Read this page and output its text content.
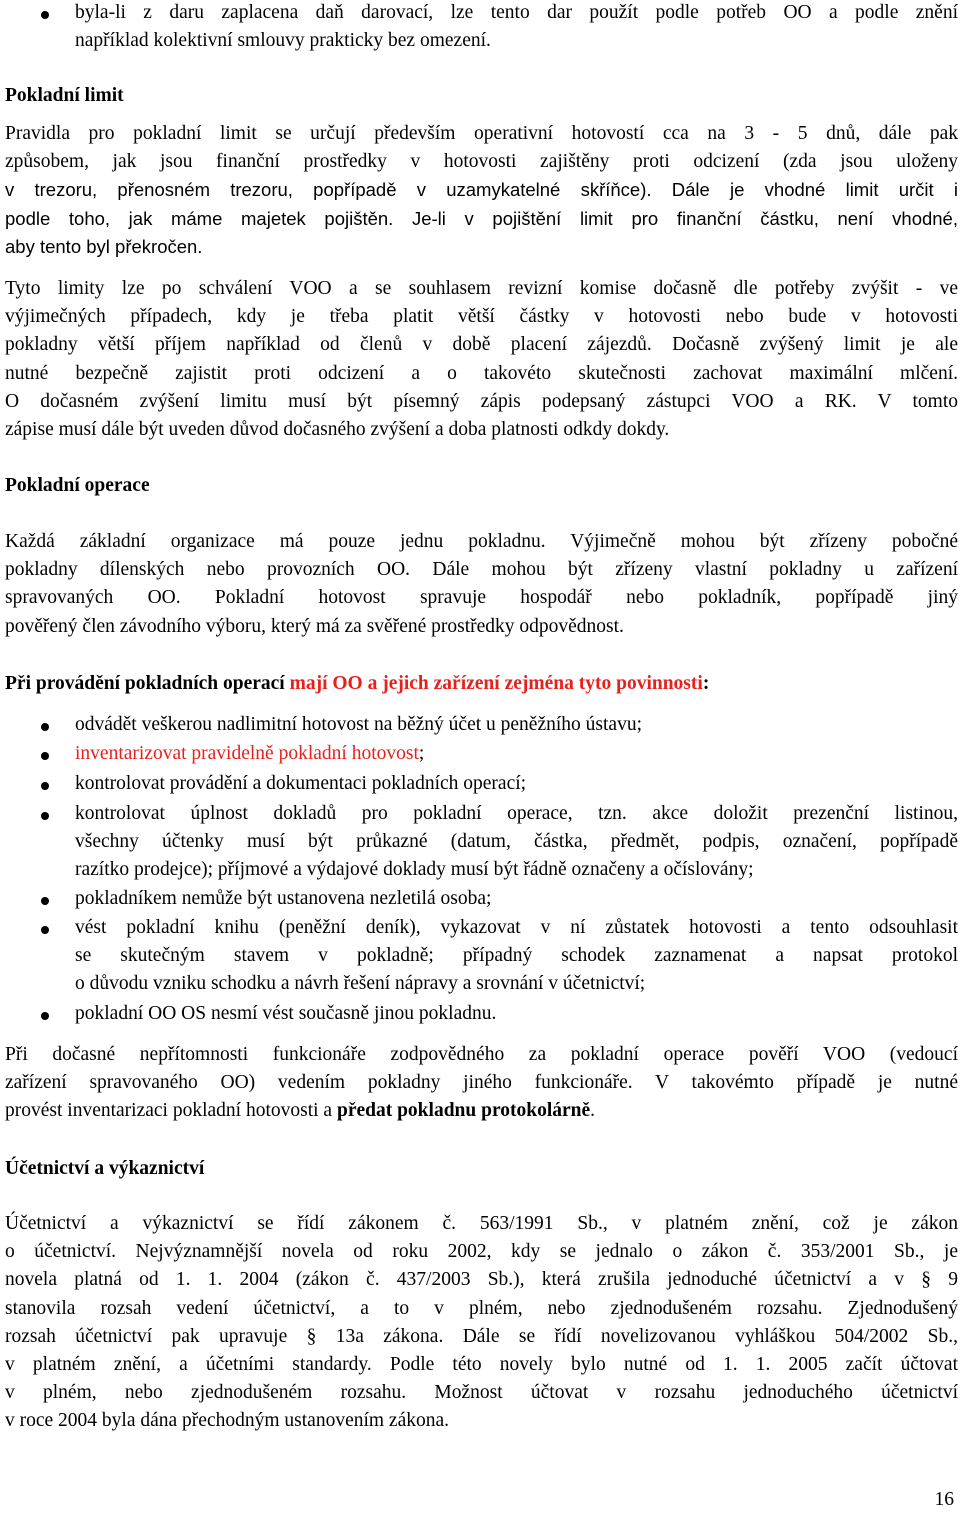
byla-li z daru zaplacena daň darovací, lze tento dar použít podle potřeb OO a podle znění
například kolektivní smlouvy prakticky bez omezení.
Pokladní limit
Pravidla pro pokladní limit se určují především operativní hotovostí cca na 3 - 5 dnů, dále pak
způsobem, jak jsou finanční prostředky v hotovosti zajištěny proti odcizení (zda jsou uloženy
v trezoru, přenosném trezoru, popřípadě v uzamykatelné skříňce). Dále je vhodné limit určit i
podle toho, jak máme majetek pojištěn. Je-li v pojištění limit pro finanční částku, není vhodné,
aby tento byl překročen.
Tyto limity lze po schválení VOO a se souhlasem revizní komise dočasně dle potřeby zvýšit - ve
výjimečných případech, kdy je třeba platit větší částky v hotovosti nebo bude v hotovosti
pokladny větší příjem například od členů v době placení zájezdů. Dočasně zvýšený limit je ale
nutné bezpečně zajistit proti odcizení a o takovéto skutečnosti zachovat maximální mlčení.
O dočasném zvýšení limitu musí být písemný zápis podepsaný zástupci VOO a RK. V tomto
zápise musí dále být uveden důvod dočasného zvýšení a doba platnosti odkdy dokdy.
Pokladní operace
Každá základní organizace má pouze jednu pokladnu. Výjimečně mohou být zřízeny pobočné
pokladny dílenských nebo provozních OO. Dále mohou být zřízeny vlastní pokladny u zařízení
spravovaných OO. Pokladní hotovost spravuje hospodář nebo pokladník, popřípadě jiný
pověřený člen závodního výboru, který má za svěřené prostředky odpovědnost.
Při provádění pokladních operací mají OO a jejich zařízení zejména tyto povinnosti:
odvádět veškerou nadlimitní hotovost na běžný účet u peněžního ústavu;
inventarizovat pravidelně pokladní hotovost;
kontrolovat provádění a dokumentaci pokladních operací;
kontrolovat úplnost dokladů pro pokladní operace, tzn. akce doložit prezenční listinou,
všechny účtenky musí být průkazné (datum, částka, předmět, podpis, označení, popřípadě
razítko prodejce); příjmové a výdajové doklady musí být řádně označeny a očíslovány;
pokladníkem nemůže být ustanovena nezletilá osoba;
vést pokladní knihu (peněžní deník), vykazovat v ní zůstatek hotovosti a tento odsouhlasit
se skutečným stavem v pokladně; případný schodek zaznamenat a napsat protokol
o důvodu vzniku schodku a návrh řešení nápravy a srovnání v účetnictví;
pokladní OO OS nesmí vést současně jinou pokladnu.
Při dočasné nepřítomnosti funkcionáře zodpovědného za pokladní operace pověří VOO (vedoucí
zařízení spravovaného OO) vedením pokladny jiného funkcionáře. V takovémto případě je nutné
provést inventarizaci pokladní hotovosti a předat pokladnu protokolárně.
Účetnictví a výkaznictví
Účetnictví a výkaznictví se řídí zákonem č. 563/1991 Sb., v platném znění, což je zákon
o účetnictví. Nejvýznamnější novela od roku 2002, kdy se jednalo o zákon č. 353/2001 Sb., je
novela platná od 1. 1. 2004 (zákon č. 437/2003 Sb.), která zrušila jednoduché účetnictví a v § 9
stanovila rozsah vedení účetnictví, a to v plném, nebo zjednodušeném rozsahu. Zjednodušený
rozsah účetnictví pak upravuje § 13a zákona. Dále se řídí novelizovanou vyhláškou 504/2002 Sb.,
v platném znění, a účetními standardy. Podle této novely bylo nutné od 1. 1. 2005 začít účtovat
v plném, nebo zjednodušeném rozsahu. Možnost účtovat v rozsahu jednoduchého účetnictví
v roce 2004 byla dána přechodným ustanovením zákona.
16
